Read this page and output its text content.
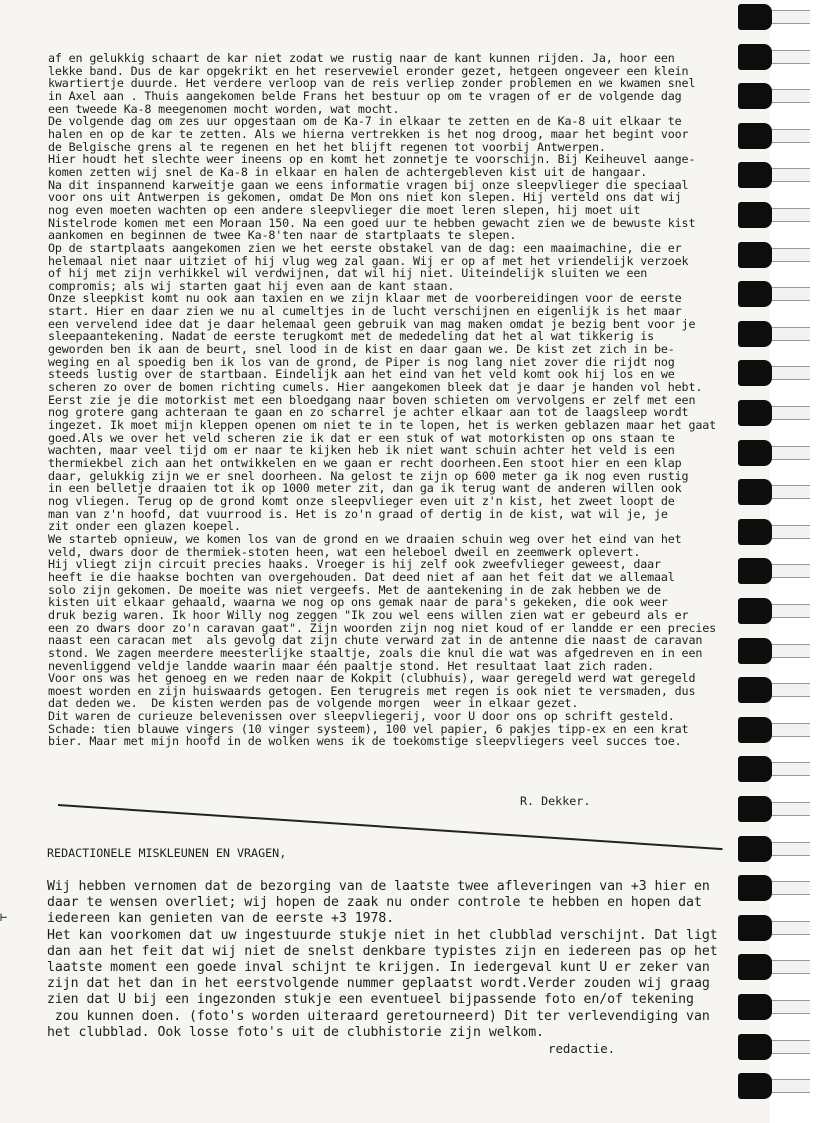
af en gelukkig schaart de kar niet zodat we rustig naar de kant kunnen rijden. Ja, hoor een
lekke band. Dus de kar opgekrikt en het reservewiel eronder gezet, hetgeen ongeveer een klein
kwartiertje duurde. Het verdere verloop van de reis verliep zonder problemen en we kwamen snel
in Axel aan . Thuis aangekomen belde Frans het bestuur op om te vragen of er de volgende dag
een tweede Ka-8 meegenomen mocht worden, wat mocht.
De volgende dag om zes uur opgestaan om de Ka-7 in elkaar te zetten en de Ka-8 uit elkaar te
halen en op de kar te zetten. Als we hierna vertrekken is het nog droog, maar het begint voor
de Belgische grens al te regenen en het het blijft regenen tot voorbij Antwerpen.
Hier houdt het slechte weer ineens op en komt het zonnetje te voorschijn. Bij Keiheuvel aange-
komen zetten wij snel de Ka-8 in elkaar en halen de achtergebleven kist uit de hangaar.
Na dit inspannend karweitje gaan we eens informatie vragen bij onze sleepvlieger die speciaal
voor ons uit Antwerpen is gekomen, omdat De Mon ons niet kon slepen. Hij verteld ons dat wij
nog even moeten wachten op een andere sleepvlieger die moet leren slepen, hij moet uit
Nistelrode komen met een Moraan 150. Na een goed uur te hebben gewacht zien we de bewuste kist
aankomen en beginnen de twee Ka-8'ten naar de startplaats te slepen.
Op de startplaats aangekomen zien we het eerste obstakel van de dag: een maaimachine, die er
helemaal niet naar uitziet of hij vlug weg zal gaan. Wij er op af met het vriendelijk verzoek
of hij met zijn verhikkel wil verdwijnen, dat wil hij niet. Uiteindelijk sluiten we een
compromis; als wij starten gaat hij even aan de kant staan.
Onze sleepkist komt nu ook aan taxien en we zijn klaar met de voorbereidingen voor de eerste
start. Hier en daar zien we nu al cumeltjes in de lucht verschijnen en eigenlijk is het maar
een vervelend idee dat je daar helemaal geen gebruik van mag maken omdat je bezig bent voor je
sleepaantekening. Nadat de eerste terugkomt met de mededeling dat het al wat tikkerig is
geworden ben ik aan de beurt, snel lood in de kist en daar gaan we. De kist zet zich in be-
weging en al spoedig ben ik los van de grond, de Piper is nog lang niet zover die rijdt nog
steeds lustig over de startbaan. Eindelijk aan het eind van het veld komt ook hij los en we
scheren zo over de bomen richting cumels. Hier aangekomen bleek dat je daar je handen vol hebt.
Eerst zie je die motorkist met een bloedgang naar boven schieten om vervolgens er zelf met een
nog grotere gang achteraan te gaan en zo scharrel je achter elkaar aan tot de laagsleep wordt
ingezet. Ik moet mijn kleppen openen om niet te in te lopen, het is werken geblazen maar het gaat
goed.Als we over het veld scheren zie ik dat er een stuk of wat motorkisten op ons staan te
wachten, maar veel tijd om er naar te kijken heb ik niet want schuin achter het veld is een
thermiekbel zich aan het ontwikkelen en we gaan er recht doorheen.Een stoot hier en een klap
daar, gelukkig zijn we er snel doorheen. Na gelost te zijn op 600 meter ga ik nog even rustig
in een belletje draaien tot ik op 1000 meter zit, dan ga ik terug want de anderen willen ook
nog vliegen. Terug op de grond komt onze sleepvlieger even uit z'n kist, het zweet loopt de
man van z'n hoofd, dat vuurrood is. Het is zo'n graad of dertig in de kist, wat wil je, je
zit onder een glazen koepel.
We starteb opnieuw, we komen los van de grond en we draaien schuin weg over het eind van het
veld, dwars door de thermiek-stoten heen, wat een heleboel dweil en zeemwerk oplevert.
Hij vliegt zijn circuit precies haaks. Vroeger is hij zelf ook zweefvlieger geweest, daar
heeft ie die haakse bochten van overgehouden. Dat deed niet af aan het feit dat we allemaal
solo zijn gekomen. De moeite was niet vergeefs. Met de aantekening in de zak hebben we de
kisten uit elkaar gehaald, waarna we nog op ons gemak naar de para's gekeken, die ook weer
druk bezig waren. Ik hoor Willy nog zeggen "Ik zou wel eens willen zien wat er gebeurd als er
een zo dwars door zo'n caravan gaat". Zijn woorden zijn nog niet koud of er landde er een precies
naast een caracan met  als gevolg dat zijn chute verward zat in de antenne die naast de caravan
stond. We zagen meerdere meesterlijke staaltje, zoals die knul die wat was afgedreven en in een
nevenliggend veldje landde waarin maar één paaltje stond. Het resultaat laat zich raden.
Voor ons was het genoeg en we reden naar de Kokpit (clubhuis), waar geregeld werd wat geregeld
moest worden en zijn huiswaards getogen. Een terugreis met regen is ook niet te versmaden, dus
dat deden we.  De kisten werden pas de volgende morgen  weer in elkaar gezet.
Dit waren de curieuze belevenissen over sleepvliegerij, voor U door ons op schrift gesteld.
Schade: tien blauwe vingers (10 vinger systeem), 100 vel papier, 6 pakjes tipp-ex en een krat
bier. Maar met mijn hoofd in de wolken wens ik de toekomstige sleepvliegers veel succes toe.
R. Dekker.
REDACTIONELE MISKLEUNEN EN VRAGEN,
Wij hebben vernomen dat de bezorging van de laatste twee afleveringen van +3 hier en
daar te wensen overliet; wij hopen de zaak nu onder controle te hebben en hopen dat
iedereen kan genieten van de eerste +3 1978.
Het kan voorkomen dat uw ingestuurde stukje niet in het clubblad verschijnt. Dat ligt
dan aan het feit dat wij niet de snelst denkbare typistes zijn en iedereen pas op het
laatste moment een goede inval schijnt te krijgen. In iedergeval kunt U er zeker van
zijn dat het dan in het eerstvolgende nummer geplaatst wordt.Verder zouden wij graag
zien dat U bij een ingezonden stukje een eventueel bijpassende foto en/of tekening
zou kunnen doen. (foto's worden uiteraard geretourneerd) Dit ter verlevendiging van
het clubblad. Ook losse foto's uit de clubhistorie zijn welkom.
redactie.
⊢
